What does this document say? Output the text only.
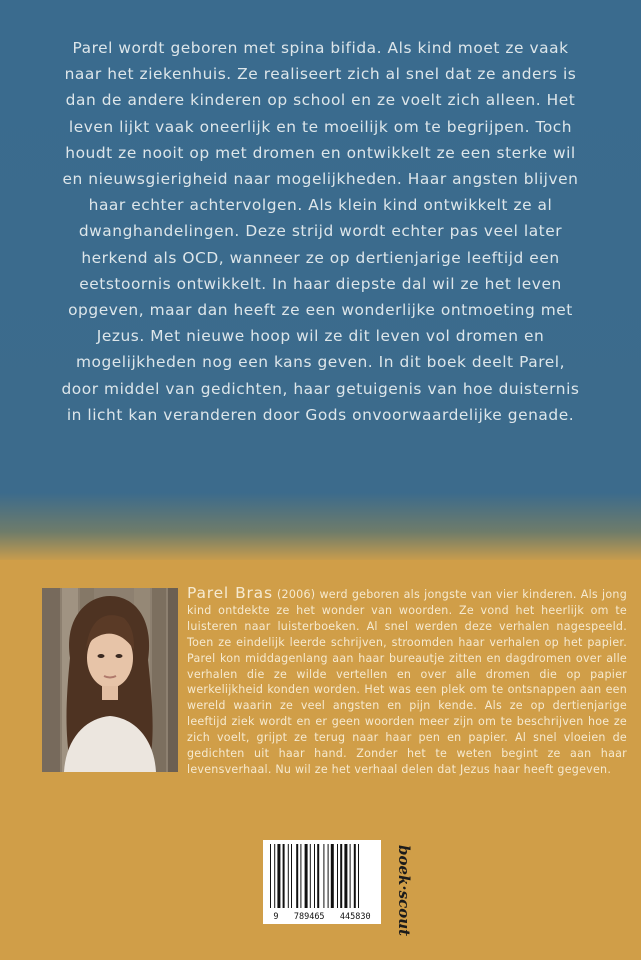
Parel wordt geboren met spina bifida. Als kind moet ze vaak naar het ziekenhuis. Ze realiseert zich al snel dat ze anders is dan de andere kinderen op school en ze voelt zich alleen. Het leven lijkt vaak oneerlijk en te moeilijk om te begrijpen. Toch houdt ze nooit op met dromen en ontwikkelt ze een sterke wil en nieuwsgierigheid naar mogelijkheden. Haar angsten blijven haar echter achtervolgen. Als klein kind ontwikkelt ze al dwanghandelingen. Deze strijd wordt echter pas veel later herkend als OCD, wanneer ze op dertienjarige leeftijd een eetstoornis ontwikkelt. In haar diepste dal wil ze het leven opgeven, maar dan heeft ze een wonderlijke ontmoeting met Jezus. Met nieuwe hoop wil ze dit leven vol dromen en mogelijkheden nog een kans geven. In dit boek deelt Parel, door middel van gedichten, haar getuigenis van hoe duisternis in licht kan veranderen door Gods onvoorwaardelijke genade.

Parel Bras (2006) werd geboren als jongste van vier kinderen. Als jong kind ontdekte ze het wonder van woorden. Ze vond het heerlijk om te luisteren naar luisterboeken. Al snel werden deze verhalen nagespeeld. Toen ze eindelijk leerde schrijven, stroomden haar verhalen op het papier. Parel kon middagenlang aan haar bureautje zitten en dagdromen over alle verhalen die ze wilde vertellen en over alle dromen die op papier werkelijkheid konden worden. Het was een plek om te ontsnappen aan een wereld waarin ze veel angsten en pijn kende. Als ze op dertienjarige leeftijd ziek wordt en er geen woorden meer zijn om te beschrijven hoe ze zich voelt, grijpt ze terug naar haar pen en papier. Al snel vloeien de gedichten uit haar hand. Zonder het te weten begint ze aan haar levensverhaal. Nu wil ze het verhaal delen dat Jezus haar heeft gegeven.

9   789465   445830	boek·scout
